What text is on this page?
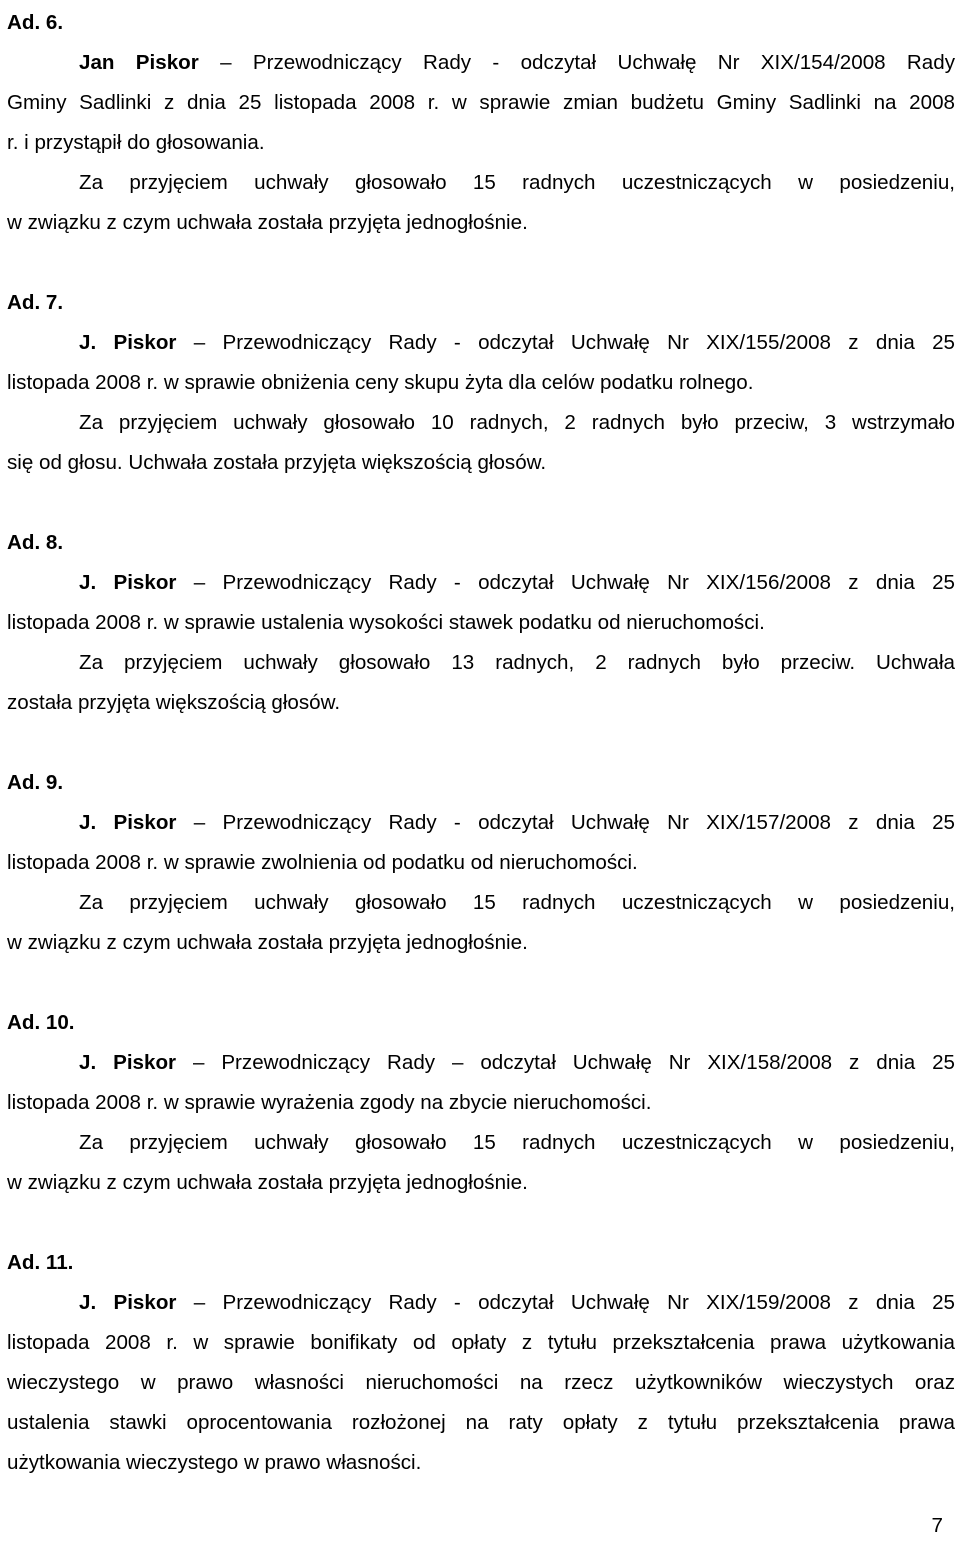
Ad. 6.
Jan Piskor – Przewodniczący Rady - odczytał Uchwałę Nr XIX/154/2008 Rady
Gminy Sadlinki z dnia 25 listopada 2008 r. w sprawie zmian budżetu Gminy Sadlinki na 2008
r. i przystąpił do głosowania.
Za przyjęciem uchwały głosowało 15 radnych uczestniczących w posiedzeniu,
w związku z czym uchwała została przyjęta jednogłośnie.
Ad. 7.
J. Piskor – Przewodniczący Rady - odczytał Uchwałę Nr XIX/155/2008 z dnia 25
listopada 2008 r. w sprawie obniżenia ceny skupu żyta dla celów podatku rolnego.
Za przyjęciem uchwały głosowało 10 radnych, 2 radnych było przeciw, 3 wstrzymało
się od głosu. Uchwała została przyjęta większością głosów.
Ad. 8.
J. Piskor – Przewodniczący Rady - odczytał Uchwałę Nr XIX/156/2008 z dnia 25
listopada 2008 r. w sprawie ustalenia wysokości stawek podatku od nieruchomości.
Za przyjęciem uchwały głosowało 13 radnych, 2 radnych było przeciw. Uchwała
została przyjęta większością głosów.
Ad. 9.
J. Piskor – Przewodniczący Rady - odczytał Uchwałę Nr XIX/157/2008 z dnia 25
listopada 2008 r. w sprawie zwolnienia od podatku od nieruchomości.
Za przyjęciem uchwały głosowało 15 radnych uczestniczących w posiedzeniu,
w związku z czym uchwała została przyjęta jednogłośnie.
Ad. 10.
J. Piskor – Przewodniczący Rady – odczytał Uchwałę Nr XIX/158/2008 z dnia 25
listopada 2008 r. w sprawie wyrażenia zgody na zbycie nieruchomości.
Za przyjęciem uchwały głosowało 15 radnych uczestniczących w posiedzeniu,
w związku z czym uchwała została przyjęta jednogłośnie.
Ad. 11.
J. Piskor – Przewodniczący Rady - odczytał Uchwałę Nr XIX/159/2008 z dnia 25
listopada 2008 r. w sprawie bonifikaty od opłaty z tytułu przekształcenia prawa użytkowania
wieczystego w prawo własności nieruchomości na rzecz użytkowników wieczystych oraz
ustalenia stawki oprocentowania rozłożonej na raty opłaty z tytułu przekształcenia prawa
użytkowania wieczystego w prawo własności.
7
